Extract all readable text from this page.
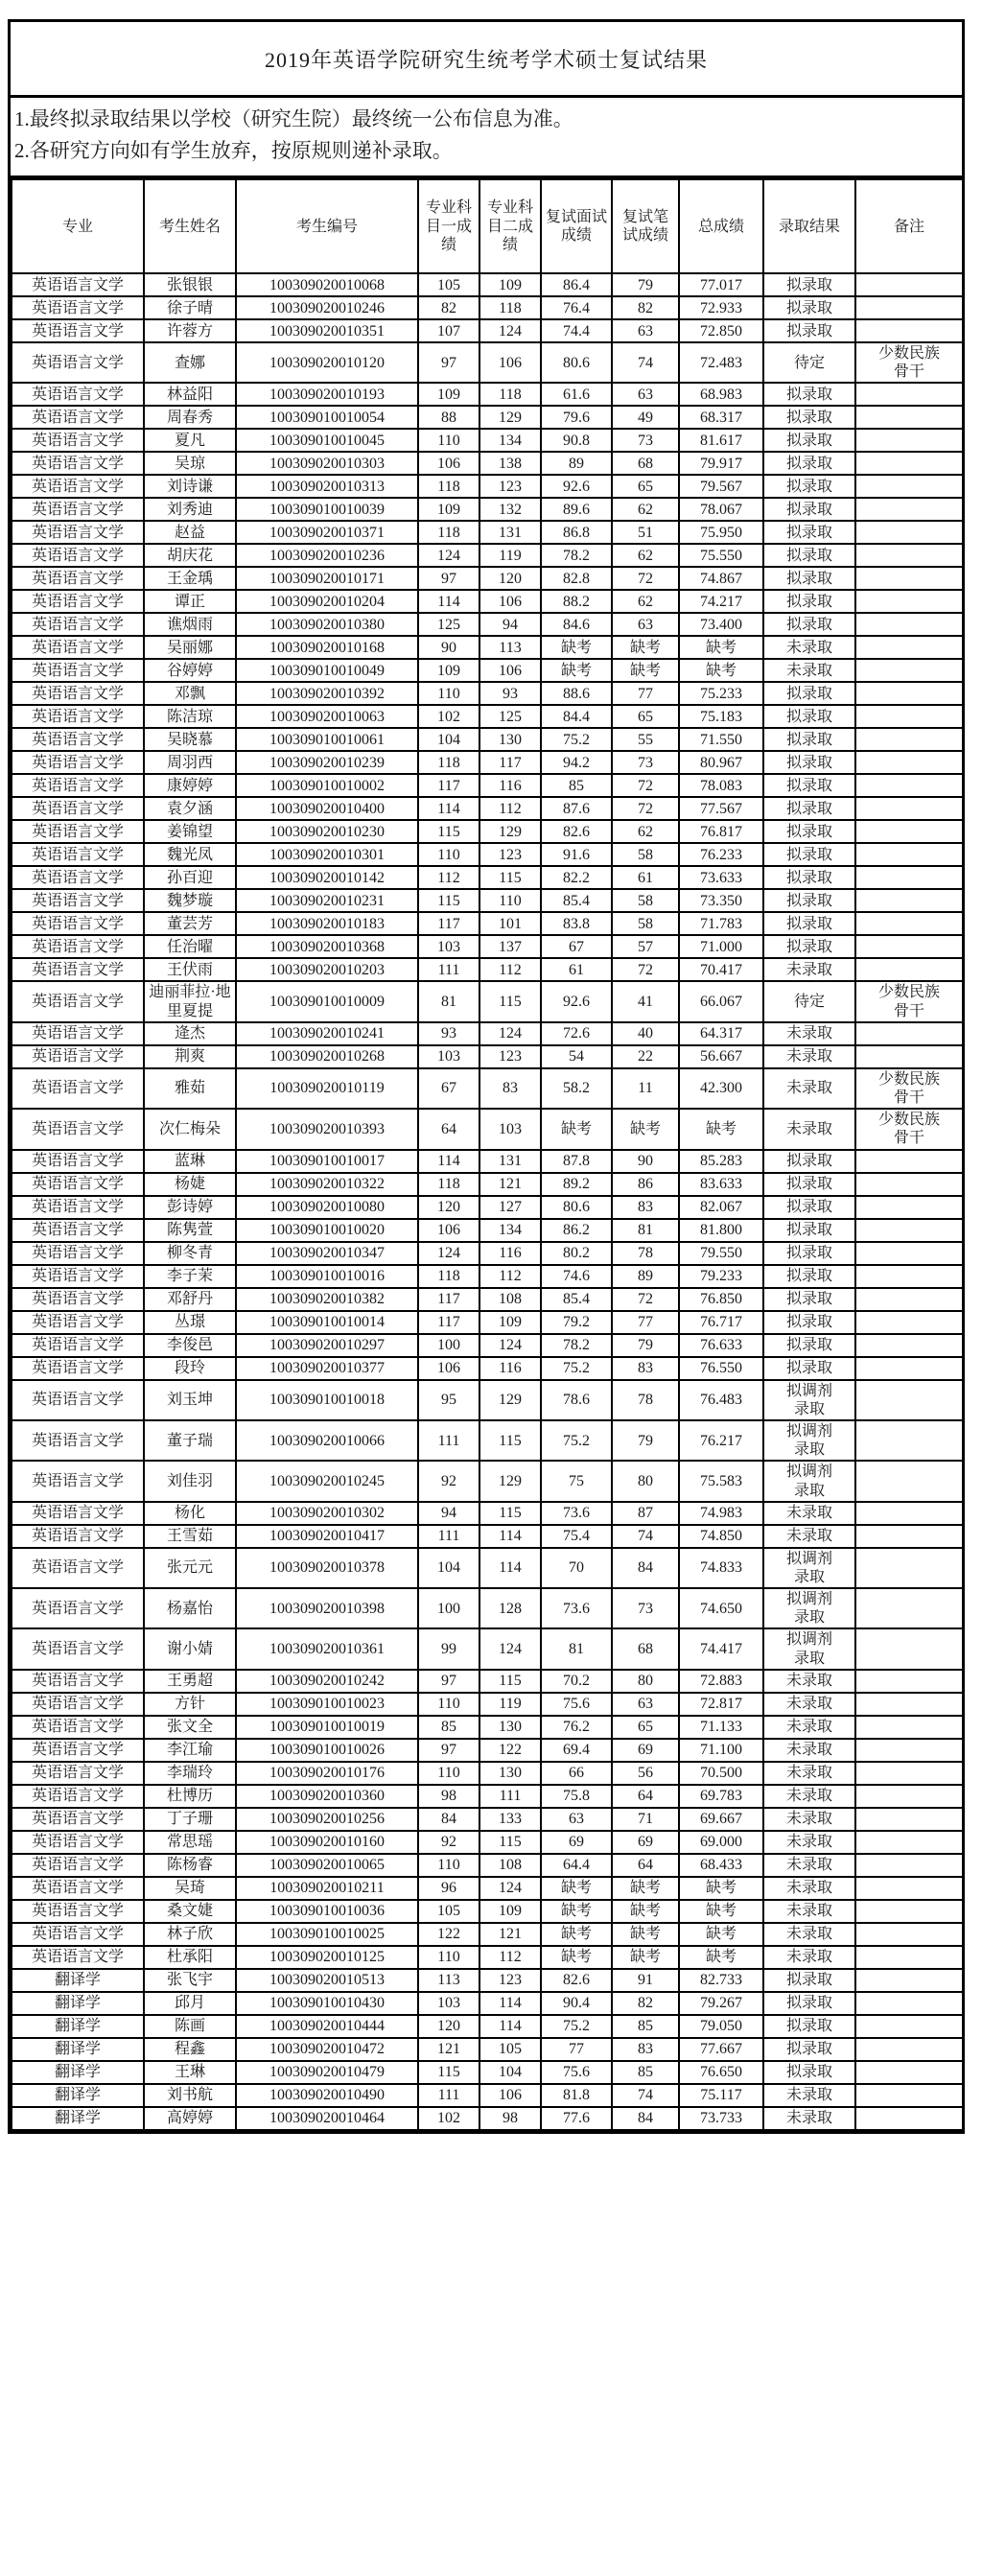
2019年英语学院研究生统考学术硕士复试结果
1.最终拟录取结果以学校（研究生院）最终统一公布信息为准。
2.各研究方向如有学生放弃，按原规则递补录取。
专业	考生姓名	考生编号	专业科目一成绩	专业科目二成绩	复试面试成绩	复试笔试成绩	总成绩	录取结果	备注
英语语言文学	张银银	100309020010068	105	109	86.4	79	77.017	拟录取	
英语语言文学	徐子晴	100309020010246	82	118	76.4	82	72.933	拟录取	
英语语言文学	许蓉方	100309020010351	107	124	74.4	63	72.850	拟录取	
英语语言文学	查娜	100309020010120	97	106	80.6	74	72.483	待定	少数民族骨干
英语语言文学	林益阳	100309020010193	109	118	61.6	63	68.983	拟录取	
英语语言文学	周春秀	100309010010054	88	129	79.6	49	68.317	拟录取	
英语语言文学	夏凡	100309010010045	110	134	90.8	73	81.617	拟录取	
英语语言文学	吴琼	100309020010303	106	138	89	68	79.917	拟录取	
英语语言文学	刘诗谦	100309020010313	118	123	92.6	65	79.567	拟录取	
英语语言文学	刘秀迪	100309010010039	109	132	89.6	62	78.067	拟录取	
英语语言文学	赵益	100309020010371	118	131	86.8	51	75.950	拟录取	
英语语言文学	胡庆花	100309020010236	124	119	78.2	62	75.550	拟录取	
英语语言文学	王金瑀	100309020010171	97	120	82.8	72	74.867	拟录取	
英语语言文学	谭正	100309020010204	114	106	88.2	62	74.217	拟录取	
英语语言文学	谯烟雨	100309020010380	125	94	84.6	63	73.400	拟录取	
英语语言文学	吴丽娜	100309020010168	90	113	缺考	缺考	缺考	未录取	
英语语言文学	谷婷婷	100309010010049	109	106	缺考	缺考	缺考	未录取	
英语语言文学	邓飘	100309020010392	110	93	88.6	77	75.233	拟录取	
英语语言文学	陈洁琼	100309020010063	102	125	84.4	65	75.183	拟录取	
英语语言文学	吴晓慕	100309010010061	104	130	75.2	55	71.550	拟录取	
英语语言文学	周羽西	100309020010239	118	117	94.2	73	80.967	拟录取	
英语语言文学	康婷婷	100309010010002	117	116	85	72	78.083	拟录取	
英语语言文学	袁夕涵	100309020010400	114	112	87.6	72	77.567	拟录取	
英语语言文学	姜锦望	100309020010230	115	129	82.6	62	76.817	拟录取	
英语语言文学	魏光凤	100309020010301	110	123	91.6	58	76.233	拟录取	
英语语言文学	孙百迎	100309020010142	112	115	82.2	61	73.633	拟录取	
英语语言文学	魏梦璇	100309020010231	115	110	85.4	58	73.350	拟录取	
英语语言文学	董芸芳	100309020010183	117	101	83.8	58	71.783	拟录取	
英语语言文学	任治曜	100309020010368	103	137	67	57	71.000	拟录取	
英语语言文学	王伏雨	100309020010203	111	112	61	72	70.417	未录取	
英语语言文学	迪丽菲拉·地里夏提	100309010010009	81	115	92.6	41	66.067	待定	少数民族骨干
英语语言文学	逄杰	100309020010241	93	124	72.6	40	64.317	未录取	
英语语言文学	荆爽	100309020010268	103	123	54	22	56.667	未录取	
英语语言文学	雅茹	100309020010119	67	83	58.2	11	42.300	未录取	少数民族骨干
英语语言文学	次仁梅朵	100309020010393	64	103	缺考	缺考	缺考	未录取	少数民族骨干
英语语言文学	蓝琳	100309010010017	114	131	87.8	90	85.283	拟录取	
英语语言文学	杨婕	100309020010322	118	121	89.2	86	83.633	拟录取	
英语语言文学	彭诗婷	100309020010080	120	127	80.6	83	82.067	拟录取	
英语语言文学	陈隽萱	100309010010020	106	134	86.2	81	81.800	拟录取	
英语语言文学	柳冬青	100309020010347	124	116	80.2	78	79.550	拟录取	
英语语言文学	李子茉	100309010010016	118	112	74.6	89	79.233	拟录取	
英语语言文学	邓舒丹	100309020010382	117	108	85.4	72	76.850	拟录取	
英语语言文学	丛璟	100309010010014	117	109	79.2	77	76.717	拟录取	
英语语言文学	李俊邑	100309020010297	100	124	78.2	79	76.633	拟录取	
英语语言文学	段玲	100309020010377	106	116	75.2	83	76.550	拟录取	
英语语言文学	刘玉坤	100309010010018	95	129	78.6	78	76.483	拟调剂录取	
英语语言文学	董子瑞	100309020010066	111	115	75.2	79	76.217	拟调剂录取	
英语语言文学	刘佳羽	100309020010245	92	129	75	80	75.583	拟调剂录取	
英语语言文学	杨化	100309020010302	94	115	73.6	87	74.983	未录取	
英语语言文学	王雪茹	100309020010417	111	114	75.4	74	74.850	未录取	
英语语言文学	张元元	100309020010378	104	114	70	84	74.833	拟调剂录取	
英语语言文学	杨嘉怡	100309020010398	100	128	73.6	73	74.650	拟调剂录取	
英语语言文学	谢小婧	100309020010361	99	124	81	68	74.417	拟调剂录取	
英语语言文学	王勇超	100309020010242	97	115	70.2	80	72.883	未录取	
英语语言文学	方针	100309010010023	110	119	75.6	63	72.817	未录取	
英语语言文学	张文全	100309010010019	85	130	76.2	65	71.133	未录取	
英语语言文学	李江瑜	100309010010026	97	122	69.4	69	71.100	未录取	
英语语言文学	李瑞玲	100309020010176	110	130	66	56	70.500	未录取	
英语语言文学	杜博历	100309020010360	98	111	75.8	64	69.783	未录取	
英语语言文学	丁子珊	100309020010256	84	133	63	71	69.667	未录取	
英语语言文学	常思瑶	100309020010160	92	115	69	69	69.000	未录取	
英语语言文学	陈杨睿	100309020010065	110	108	64.4	64	68.433	未录取	
英语语言文学	吴琦	100309020010211	96	124	缺考	缺考	缺考	未录取	
英语语言文学	桑文婕	100309010010036	105	109	缺考	缺考	缺考	未录取	
英语语言文学	林子欣	100309010010025	122	121	缺考	缺考	缺考	未录取	
英语语言文学	杜承阳	100309020010125	110	112	缺考	缺考	缺考	未录取	
翻译学	张飞宇	100309020010513	113	123	82.6	91	82.733	拟录取	
翻译学	邱月	100309010010430	103	114	90.4	82	79.267	拟录取	
翻译学	陈画	100309020010444	120	114	75.2	85	79.050	拟录取	
翻译学	程鑫	100309020010472	121	105	77	83	77.667	拟录取	
翻译学	王琳	100309020010479	115	104	75.6	85	76.650	拟录取	
翻译学	刘书航	100309020010490	111	106	81.8	74	75.117	未录取	
翻译学	高婷婷	100309020010464	102	98	77.6	84	73.733	未录取	
